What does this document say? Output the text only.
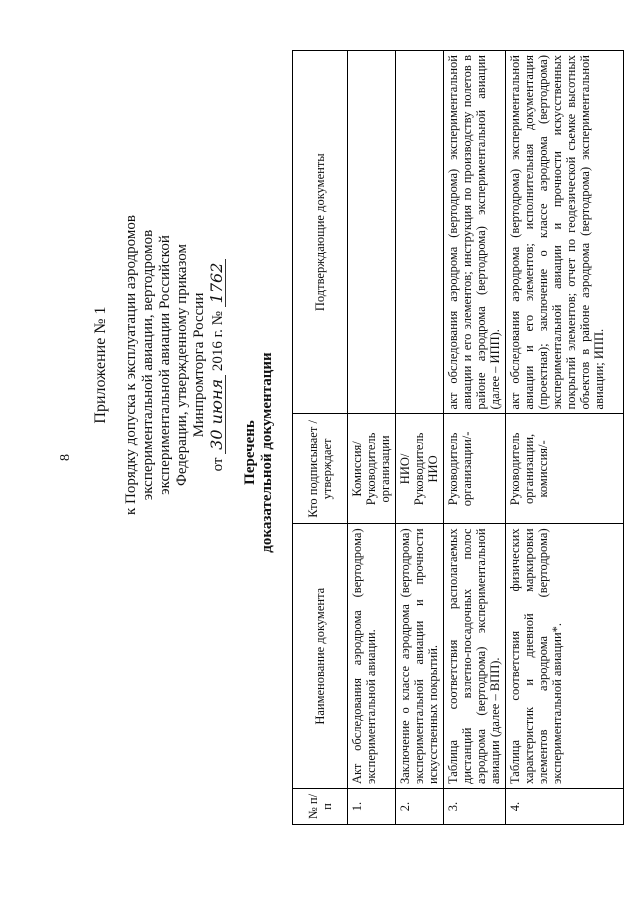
8
Приложение № 1 к Порядку допуска к эксплуатации аэродромов экспериментальной авиации, вертодромов экспериментальной авиации Российской Федерации, утвержденному приказом Минпромторга России
от 30 июня 2016 г. № 1762
Перечень доказательной документации
№ п/п	Наименование документа	Кто подписывает / утверждает	Подтверждающие документы
1.	Акт обследования аэродрома (вертодрома) экспериментальной авиации.	Комиссия/ Руководитель организации	
2.	Заключение о классе аэродрома (вертодрома) экспериментальной авиации и прочности искусственных покрытий.	НИО/ Руководитель НИО	
3.	Таблица соответствия располагаемых дистанций взлетно-посадочных полос аэродрома (вертодрома) экспериментальной авиации (далее – ВПП).	Руководитель организации/-	акт обследования аэродрома (вертодрома) экспериментальной авиации и его элементов; инструкция по производству полетов в районе аэродрома (вертодрома) экспериментальной авиации (далее – ИПП).
4.	Таблица соответствия физических характеристик и дневной маркировки элементов аэродрома (вертодрома) экспериментальной авиации*.	Руководитель организации, комиссия/-	акт обследования аэродрома (вертодрома) экспериментальной авиации и его элементов; исполнительная документация (проектная); заключение о классе аэродрома (вертодрома) экспериментальной авиации и прочности искусственных покрытий элементов; отчет по геодезической съемке высотных объектов в районе аэродрома (вертодрома) экспериментальной авиации; ИПП.
